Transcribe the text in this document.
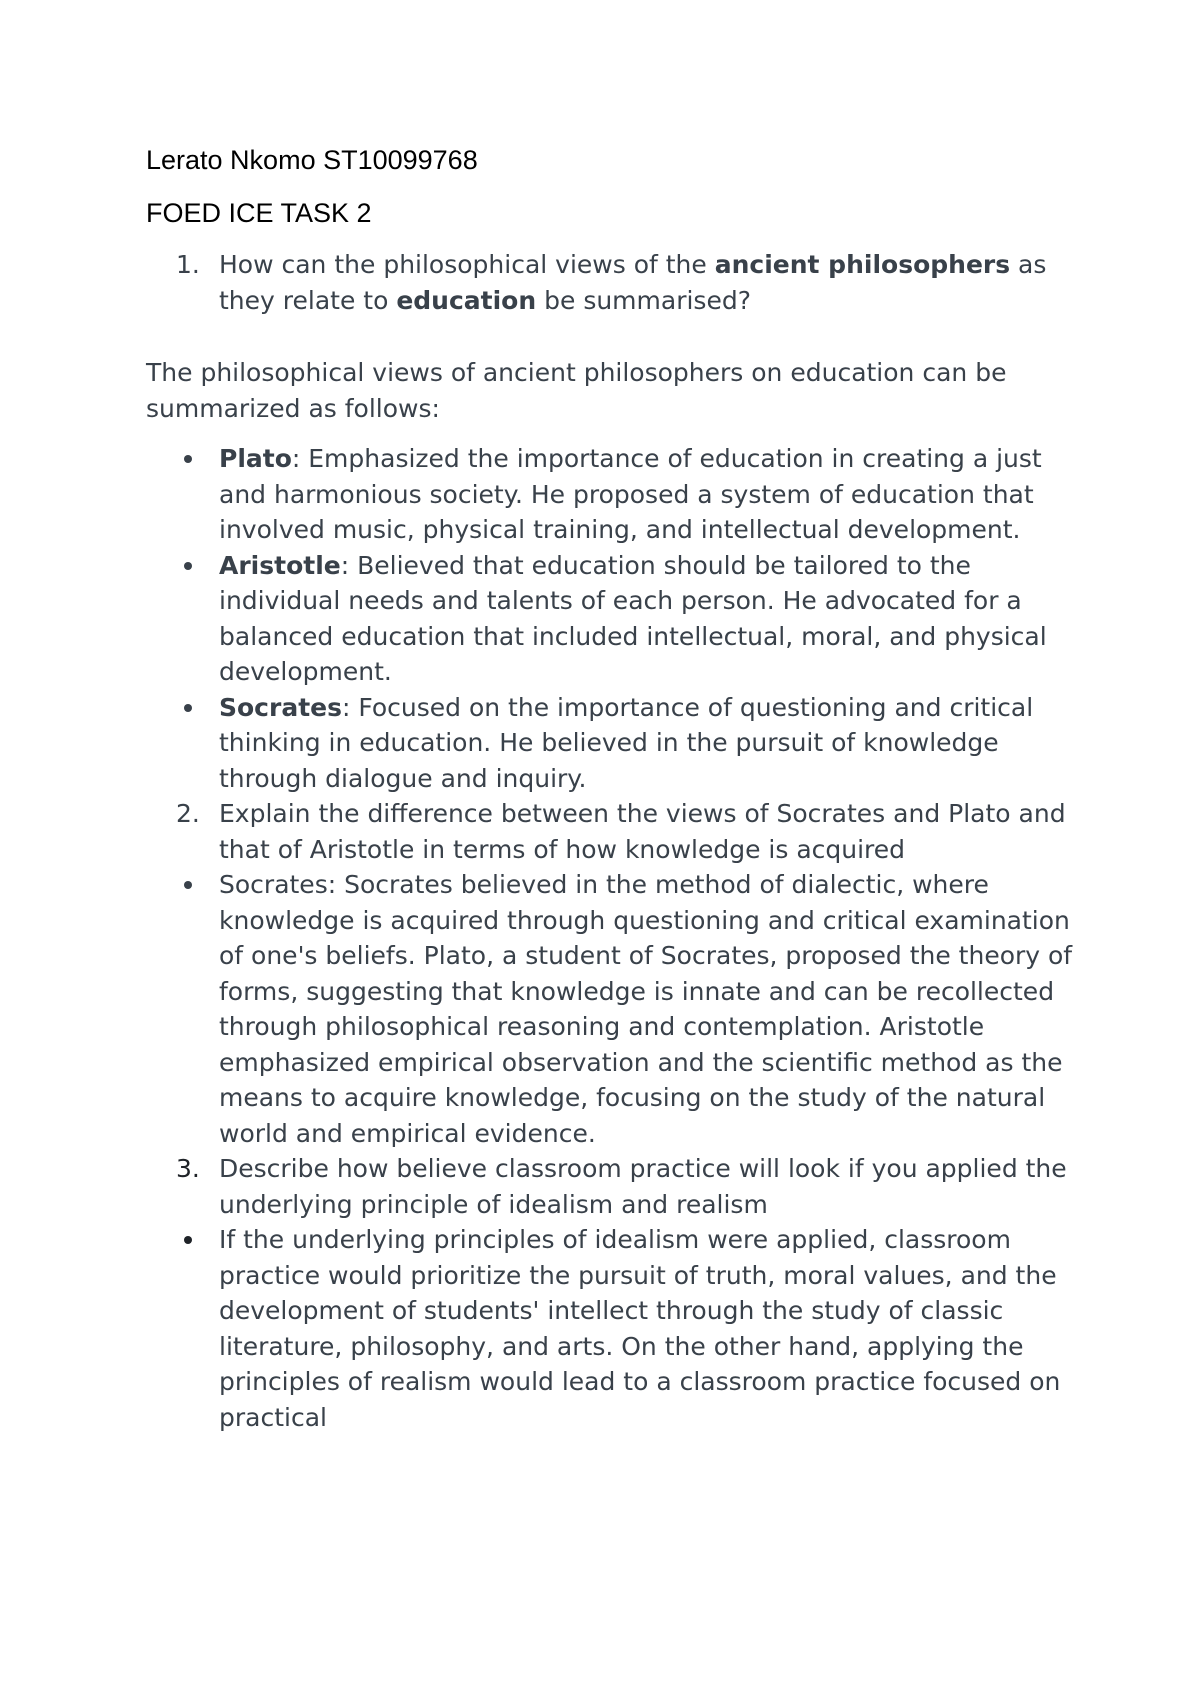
Lerato Nkomo ST10099768
FOED ICE TASK 2
1. How can the philosophical views of the ancient philosophers as they relate to education be summarised?
The philosophical views of ancient philosophers on education can be summarized as follows:
Plato: Emphasized the importance of education in creating a just and harmonious society. He proposed a system of education that involved music, physical training, and intellectual development.
Aristotle: Believed that education should be tailored to the individual needs and talents of each person. He advocated for a balanced education that included intellectual, moral, and physical development.
Socrates: Focused on the importance of questioning and critical thinking in education. He believed in the pursuit of knowledge through dialogue and inquiry.
2. Explain the difference between the views of Socrates and Plato and that of Aristotle in terms of how knowledge is acquired
Socrates: Socrates believed in the method of dialectic, where knowledge is acquired through questioning and critical examination of one's beliefs. Plato, a student of Socrates, proposed the theory of forms, suggesting that knowledge is innate and can be recollected through philosophical reasoning and contemplation. Aristotle emphasized empirical observation and the scientific method as the means to acquire knowledge, focusing on the study of the natural world and empirical evidence.
3. Describe how believe classroom practice will look if you applied the underlying principle of idealism and realism
If the underlying principles of idealism were applied, classroom practice would prioritize the pursuit of truth, moral values, and the development of students' intellect through the study of classic literature, philosophy, and arts. On the other hand, applying the principles of realism would lead to a classroom practice focused on practical
